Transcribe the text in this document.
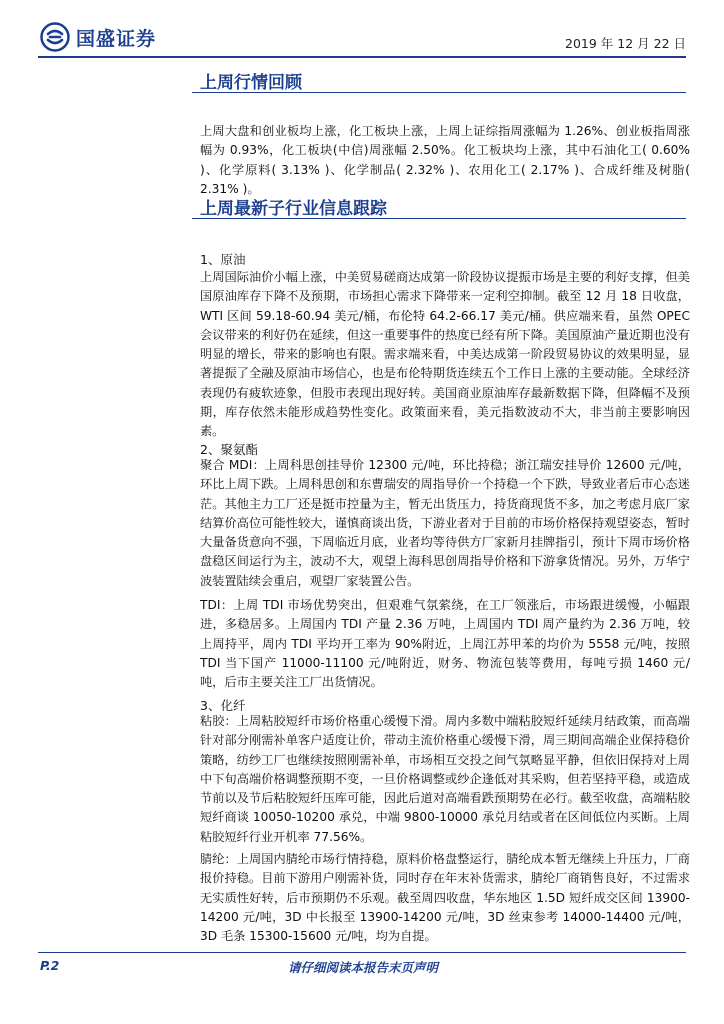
国盛证券	2019 年 12 月 22 日
上周行情回顾
上周大盘和创业板均上涨，化工板块上涨，上周上证综指周涨幅为 1.26%、创业板指周涨幅为 0.93%，化工板块(中信)周涨幅 2.50%。化工板块均上涨，其中石油化工( 0.60% )、化学原料( 3.13% )、化学制品( 2.32% )、农用化工( 2.17% )、合成纤维及树脂( 2.31% )。
上周最新子行业信息跟踪
1、原油
上周国际油价小幅上涨，中美贸易磋商达成第一阶段协议提振市场是主要的利好支撑，但美国原油库存下降不及预期，市场担心需求下降带来一定利空抑制。截至 12 月 18 日收盘，WTI 区间 59.18-60.94 美元/桶，布伦特 64.2-66.17 美元/桶。供应端来看，虽然 OPEC 会议带来的利好仍在延续，但这一重要事件的热度已经有所下降。美国原油产量近期也没有明显的增长，带来的影响也有限。需求端来看，中美达成第一阶段贸易协议的效果明显，显著提振了全融及原油市场信心，也是布伦特期货连续五个工作日上涨的主要动能。全球经济表现仍有疲软迹象，但股市表现出现好转。美国商业原油库存最新数据下降，但降幅不及预期，库存依然未能形成趋势性变化。政策面来看，美元指数波动不大，非当前主要影响因素。
2、聚氨酯
聚合 MDI：上周科思创挂导价 12300 元/吨，环比持稳；浙江瑞安挂导价 12600 元/吨，环比上周下跌。上周科思创和东曹瑞安的周指导价一个持稳一个下跌，导致业者后市心态迷茫。其他主力工厂还是挺市控量为主，暂无出货压力，持货商现货不多，加之考虑月底厂家结算价高位可能性较大，谨慎商谈出货，下游业者对于目前的市场价格保持观望姿态，暂时大量备货意向不强，下周临近月底，业者均等待供方厂家新月挂牌指引，预计下周市场价格盘稳区间运行为主，波动不大，观望上海科思创周指导价格和下游拿货情况。另外，万华宁波装置陆续会重启，观望厂家装置公告。
TDI：上周 TDI 市场优势突出，但艰难气氛萦绕，在工厂领涨后，市场跟进缓慢，小幅跟进，多稳居多。上周国内 TDI 产量 2.36 万吨，上周国内 TDI 周产量约为 2.36 万吨，较上周持平，周内 TDI 平均开工率为 90%附近，上周江苏甲苯的均价为 5558 元/吨，按照 TDI 当下国产 11000-11100 元/吨附近，财务、物流包装等费用，每吨亏损 1460 元/吨，后市主要关注工厂出货情况。
3、化纤
粘胶：上周粘胶短纤市场价格重心缓慢下滑。周内多数中端粘胶短纤延续月结政策，而高端针对部分刚需补单客户适度让价，带动主流价格重心缓慢下滑，周三期间高端企业保持稳价策略，纺纱工厂也继续按照刚需补单，市场相互交投之间气氛略显平静，但依旧保持对上周中下旬高端价格调整预期不变，一旦价格调整或纱企逢低对其采购，但若坚持平稳，或造成节前以及节后粘胶短纤压库可能，因此后道对高端看跌预期势在必行。截至收盘，高端粘胶短纤商谈 10050-10200 承兑，中端 9800-10000 承兑月结或者在区间低位内买断。上周粘胶短纤行业开机率 77.56%。
腈纶：上周国内腈纶市场行情持稳，原料价格盘整运行，腈纶成本暂无继续上升压力，厂商报价持稳。目前下游用户刚需补货，同时存在年末补货需求，腈纶厂商销售良好，不过需求无实质性好转，后市预期仍不乐观。截至周四收盘，华东地区 1.5D 短纤成交区间 13900-14200 元/吨，3D 中长报至 13900-14200 元/吨，3D 丝束参考 14000-14400 元/吨，3D 毛条 15300-15600 元/吨，均为自提。
P.2	请仔细阅读本报告末页声明
